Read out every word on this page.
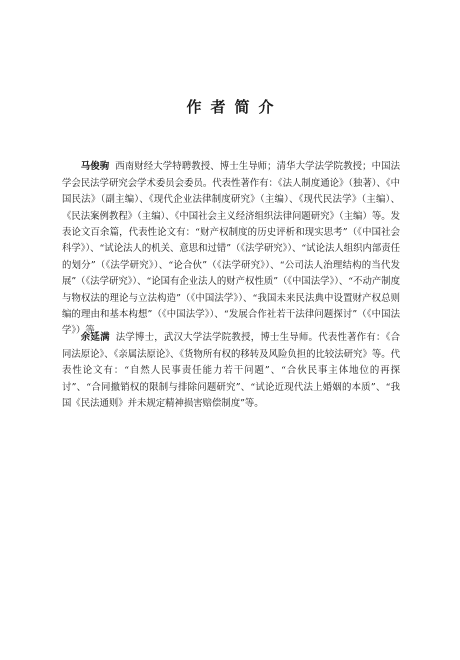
作者简介

马俊驹 西南财经大学特聘教授、博士生导师；清华大学法学院教授；中国法学会民法学研究会学术委员会委员。代表性著作有：《法人制度通论》（独著）、《中国民法》（副主编）、《现代企业法律制度研究》（主编）、《现代民法学》（主编）、《民法案例教程》（主编）、《中国社会主义经济组织法律问题研究》（主编）等。发表论文百余篇，代表性论文有：“财产权制度的历史评析和现实思考”（《中国社会科学》）、“试论法人的机关、意思和过错”（《法学研究》）、“试论法人组织内部责任的划分”（《法学研究》）、“论合伙”（《法学研究》）、“公司法人治理结构的当代发展”（《法学研究》）、“论国有企业法人的财产权性质”（《中国法学》）、“不动产制度与物权法的理论与立法构造”（《中国法学》）、“我国未来民法典中设置财产权总则编的理由和基本构想”（《中国法学》）、“发展合作社若干法律问题探讨”（《中国法学》）等。

余延满 法学博士，武汉大学法学院教授，博士生导师。代表性著作有：《合同法原论》、《亲属法原论》、《货物所有权的移转及风险负担的比较法研究》等。代表性论文有：“自然人民事责任能力若干问题”、“合伙民事主体地位的再探讨”、“合同撤销权的限制与排除问题研究”、“试论近现代法上婚姻的本质”、“我国《民法通则》并未规定精神损害赔偿制度”等。
